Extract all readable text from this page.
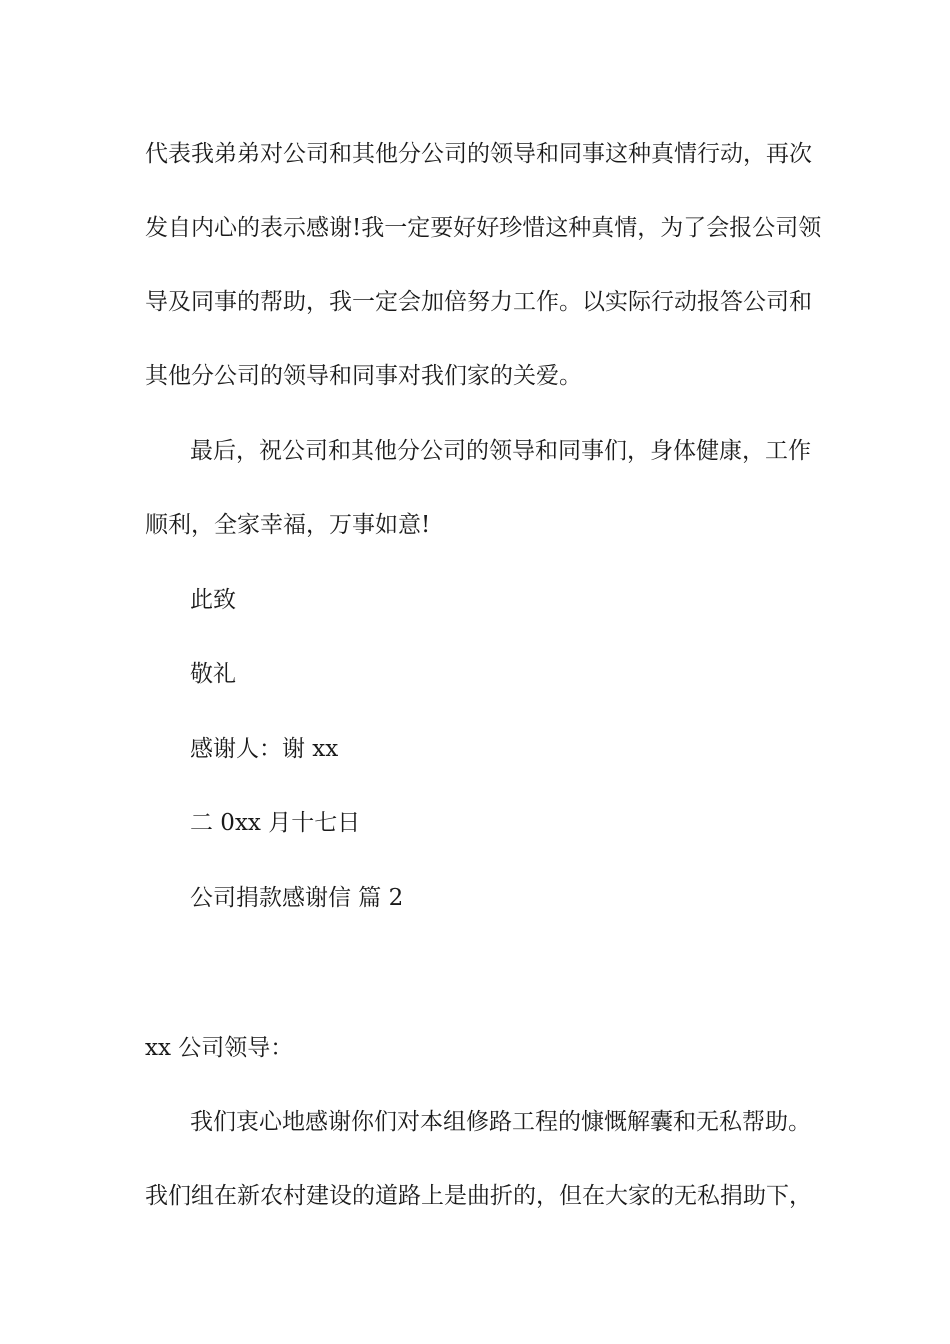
代表我弟弟对公司和其他分公司的领导和同事这种真情行动，再次
发自内心的表示感谢!我一定要好好珍惜这种真情，为了会报公司领
导及同事的帮助，我一定会加倍努力工作。以实际行动报答公司和
其他分公司的领导和同事对我们家的关爱。
最后，祝公司和其他分公司的领导和同事们，身体健康，工作
顺利，全家幸福，万事如意!
此致
敬礼
感谢人：谢 xx
二 0xx 月十七日
公司捐款感谢信 篇 2
xx 公司领导：
我们衷心地感谢你们对本组修路工程的慷慨解囊和无私帮助。
我们组在新农村建设的道路上是曲折的，但在大家的无私捐助下，
